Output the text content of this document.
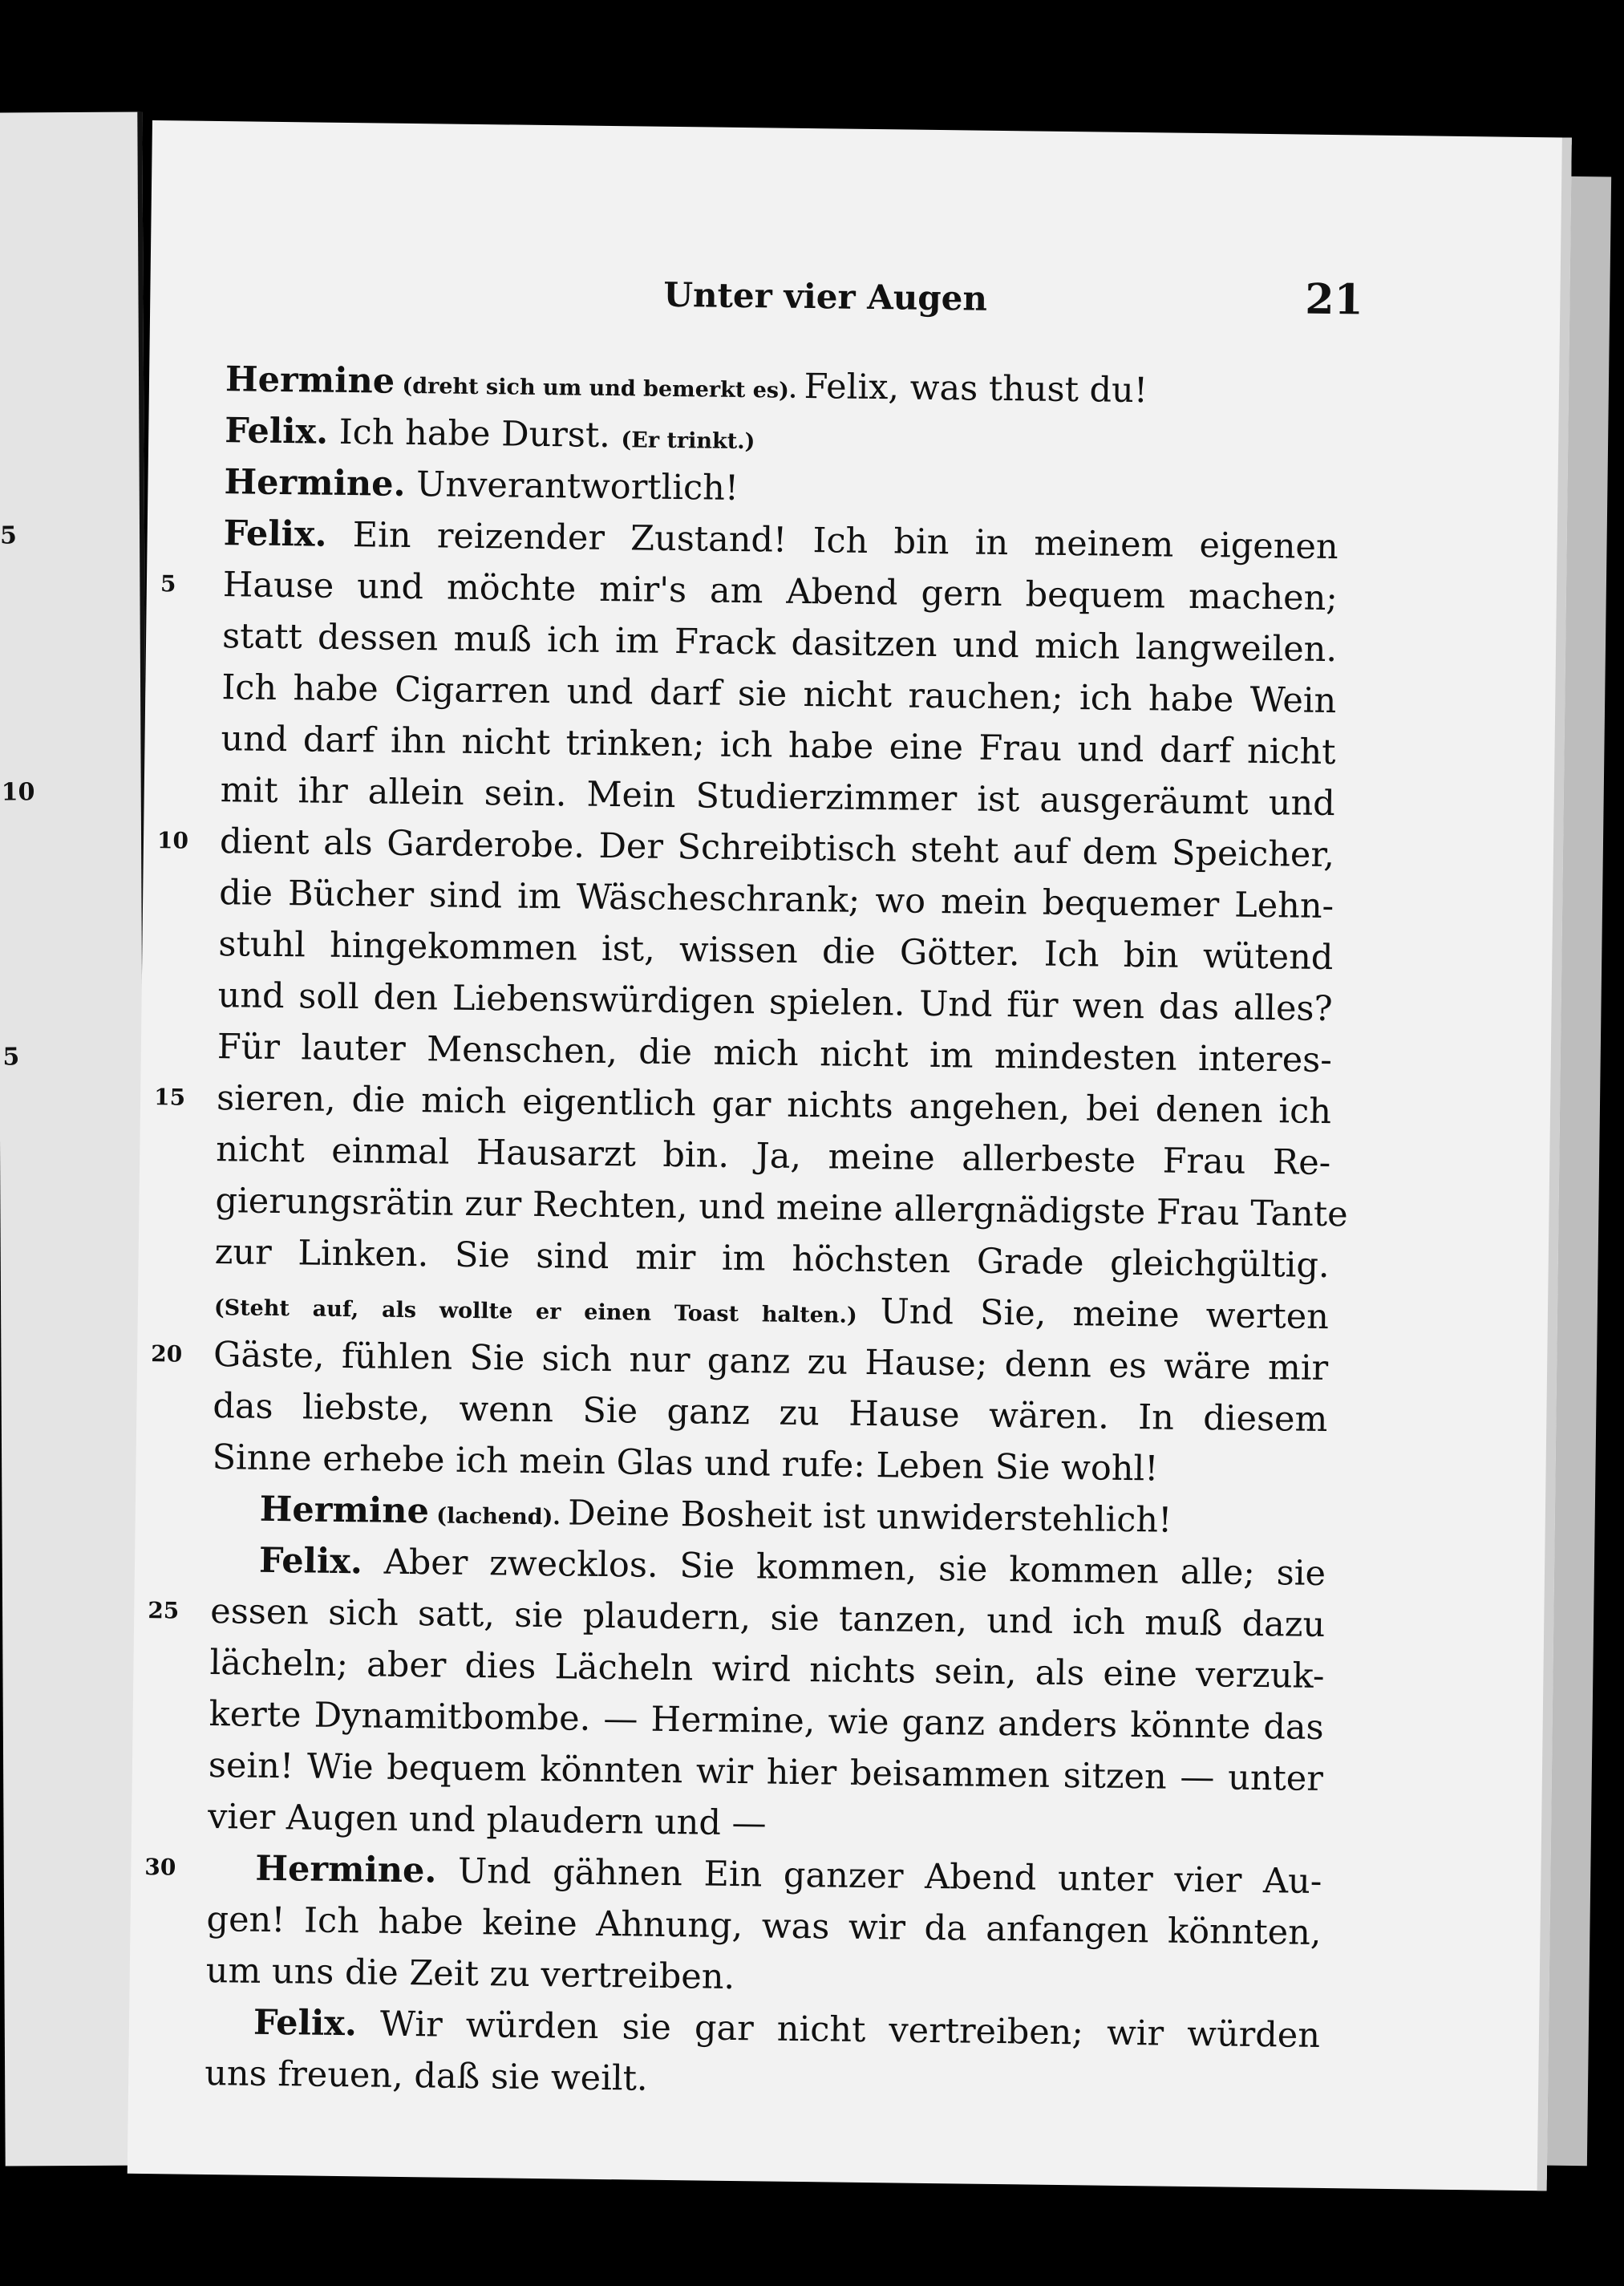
5
10
5
Unter vier Augen	21
Hermine (dreht sich um und bemerkt es). Felix, was thust du!
Felix. Ich habe Durst. (Er trinkt.)
Hermine. Unverantwortlich!
Felix. Ein reizender Zustand! Ich bin in meinem eigenen
5	Hause und möchte mir's am Abend gern bequem machen;
statt dessen muß ich im Frack dasitzen und mich langweilen.
Ich habe Cigarren und darf sie nicht rauchen; ich habe Wein
und darf ihn nicht trinken; ich habe eine Frau und darf nicht
mit ihr allein sein. Mein Studierzimmer ist ausgeräumt und
10 dient als Garderobe. Der Schreibtisch steht auf dem Speicher,
die Bücher sind im Wäscheschrank; wo mein bequemer Lehn-
stuhl hingekommen ist, wissen die Götter. Ich bin wütend
und soll den Liebenswürdigen spielen. Und für wen das alles?
Für lauter Menschen, die mich nicht im mindesten interes-
15 sieren, die mich eigentlich gar nichts angehen, bei denen ich
nicht einmal Hausarzt bin. Ja, meine allerbeste Frau Re-
gierungsrätin zur Rechten, und meine allergnädigste Frau Tante
zur Linken. Sie sind mir im höchsten Grade gleichgültig.
(Steht auf, als wollte er einen Toast halten.) Und Sie, meine werten
20 Gäste, fühlen Sie sich nur ganz zu Hause; denn es wäre mir
das liebste, wenn Sie ganz zu Hause wären. In diesem
Sinne erhebe ich mein Glas und rufe: Leben Sie wohl!
Hermine (lachend). Deine Bosheit ist unwiderstehlich!
Felix. Aber zwecklos. Sie kommen, sie kommen alle; sie
25 essen sich satt, sie plaudern, sie tanzen, und ich muß dazu
lächeln; aber dies Lächeln wird nichts sein, als eine verzuk-
kerte Dynamitbombe. — Hermine, wie ganz anders könnte das
sein! Wie bequem könnten wir hier beisammen sitzen — unter
vier Augen und plaudern und —
30	Hermine. Und gähnen Ein ganzer Abend unter vier Au-
gen! Ich habe keine Ahnung, was wir da anfangen könnten,
um uns die Zeit zu vertreiben.
Felix. Wir würden sie gar nicht vertreiben; wir würden
uns freuen, daß sie weilt.
